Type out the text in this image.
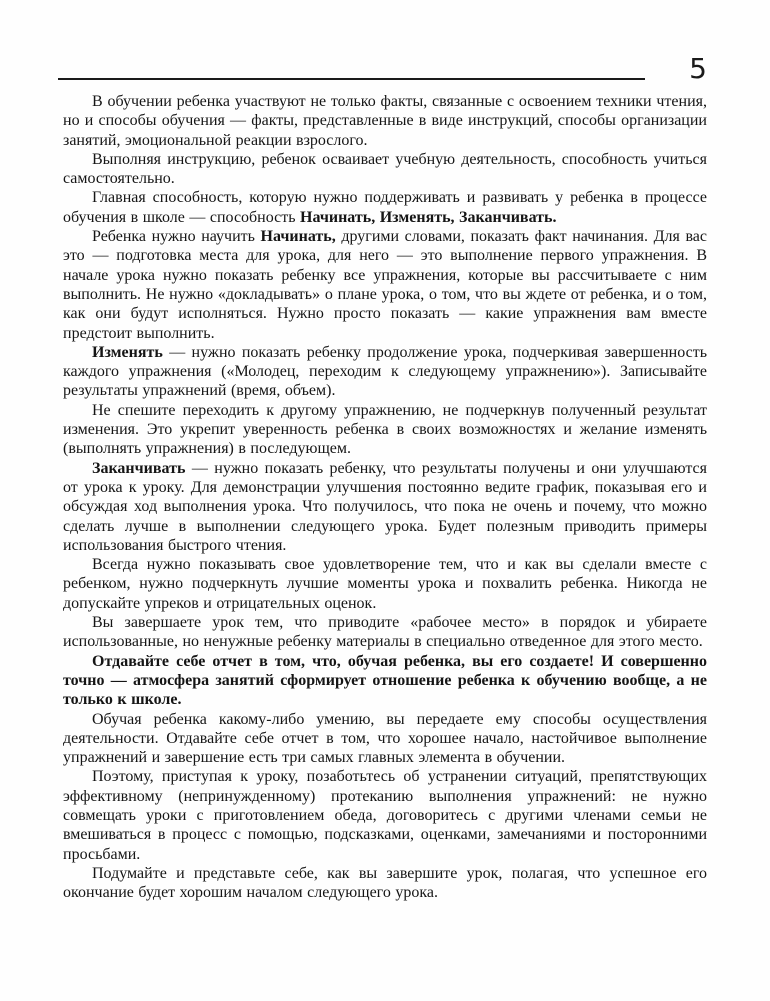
5

В обучении ребенка участвуют не только факты, связанные с освоением техники чтения, но и способы обучения — факты, представленные в виде инструкций, способы организации занятий, эмоциональной реакции взрослого.

Выполняя инструкцию, ребенок осваивает учебную деятельность, способность учиться самостоятельно.

Главная способность, которую нужно поддерживать и развивать у ребенка в процессе обучения в школе — способность Начинать, Изменять, Заканчивать.

Ребенка нужно научить Начинать, другими словами, показать факт начинания. Для вас это — подготовка места для урока, для него — это выполнение первого упражнения. В начале урока нужно показать ребенку все упражнения, которые вы рассчитываете с ним выполнить. Не нужно «докладывать» о плане урока, о том, что вы ждете от ребенка, и о том, как они будут исполняться. Нужно просто показать — какие упражнения вам вместе предстоит выполнить.

Изменять — нужно показать ребенку продолжение урока, подчеркивая завершенность каждого упражнения («Молодец, переходим к следующему упражнению»). Записывайте результаты упражнений (время, объем).

Не спешите переходить к другому упражнению, не подчеркнув полученный результат изменения. Это укрепит уверенность ребенка в своих возможностях и желание изменять (выполнять упражнения) в последующем.

Заканчивать — нужно показать ребенку, что результаты получены и они улучшаются от урока к уроку. Для демонстрации улучшения постоянно ведите график, показывая его и обсуждая ход выполнения урока. Что получилось, что пока не очень и почему, что можно сделать лучше в выполнении следующего урока. Будет полезным приводить примеры использования быстрого чтения.

Всегда нужно показывать свое удовлетворение тем, что и как вы сделали вместе с ребенком, нужно подчеркнуть лучшие моменты урока и похвалить ребенка. Никогда не допускайте упреков и отрицательных оценок.

Вы завершаете урок тем, что приводите «рабочее место» в порядок и убираете использованные, но ненужные ребенку материалы в специально отведенное для этого место.

Отдавайте себе отчет в том, что, обучая ребенка, вы его создаете! И совершенно точно — атмосфера занятий сформирует отношение ребенка к обучению вообще, а не только к школе.

Обучая ребенка какому-либо умению, вы передаете ему способы осуществления деятельности. Отдавайте себе отчет в том, что хорошее начало, настойчивое выполнение упражнений и завершение есть три самых главных элемента в обучении.

Поэтому, приступая к уроку, позаботьтесь об устранении ситуаций, препятствующих эффективному (непринужденному) протеканию выполнения упражнений: не нужно совмещать уроки с приготовлением обеда, договоритесь с другими членами семьи не вмешиваться в процесс с помощью, подсказками, оценками, замечаниями и посторонними просьбами.

Подумайте и представьте себе, как вы завершите урок, полагая, что успешное его окончание будет хорошим началом следующего урока.
